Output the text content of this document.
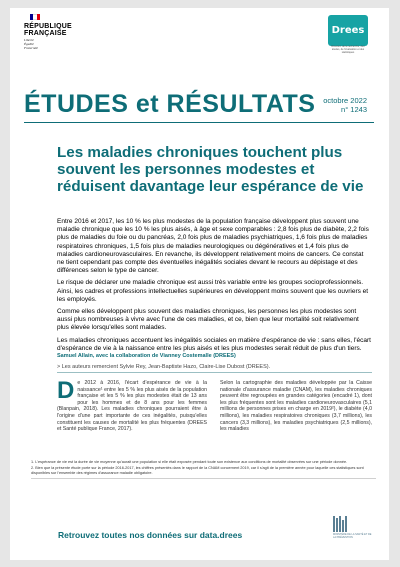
RÉPUBLIQUE
FRANÇAISE
Liberté
Égalité
Fraternité
Drees
Direction de la recherche, des études, de l'évaluation et des statistiques
ÉTUDES et RÉSULTATS octobre 2022
n° 1243
Les maladies chroniques touchent plus souvent les personnes modestes et réduisent davantage leur espérance de vie

Entre 2016 et 2017, les 10 % les plus modestes de la population française développent plus souvent une maladie chronique que les 10 % les plus aisés, à âge et sexe comparables : 2,8 fois plus de diabète, 2,2 fois plus de maladies du foie ou du pancréas, 2,0 fois plus de maladies psychiatriques, 1,6 fois plus de maladies respiratoires chroniques, 1,5 fois plus de maladies neurologiques ou dégénératives et 1,4 fois plus de maladies cardioneurovasculaires. En revanche, ils développent relativement moins de cancers. Ce constat ne tient cependant pas compte des éventuelles inégalités sociales devant le recours au dépistage et des différences selon le type de cancer.

Le risque de déclarer une maladie chronique est aussi très variable entre les groupes socioprofessionnels. Ainsi, les cadres et professions intellectuelles supérieures en développent moins souvent que les ouvriers et les employés.

Comme elles développent plus souvent des maladies chroniques, les personnes les plus modestes sont aussi plus nombreuses à vivre avec l'une de ces maladies, et ce, bien que leur mortalité soit relativement plus élevée lorsqu'elles sont malades.

Les maladies chroniques accentuent les inégalités sociales en matière d'espérance de vie : sans elles, l'écart d'espérance de vie à la naissance entre les plus aisés et les plus modestes serait réduit de plus d'un tiers.

Samuel Allain, avec la collaboration de Vianney Costemalle (DREES)
> Les auteurs remercient Sylvie Rey, Jean-Baptiste Hazo, Claire-Lise Dubost (DREES).
De 2012 à 2016, l'écart d'espérance de vie à la naissance¹ entre les 5 % les plus aisés de la population française et les 5 % les plus modestes était de 13 ans pour les hommes et de 8 ans pour les femmes (Blanpain, 2018). Les maladies chroniques pourraient être à l'origine d'une part importante de ces inégalités, puisqu'elles constituent les causes de mortalité les plus fréquentes (DREES et Santé publique France, 2017).
Selon la cartographie des maladies développée par la Caisse nationale d'assurance maladie (CNAM), les maladies chroniques peuvent être regroupées en grandes catégories (encadré 1), dont les plus fréquentes sont les maladies cardioneurovasculaires (5,1 millions de personnes prises en charge en 2019²), le diabète (4,0 millions), les maladies respiratoires chroniques (3,7 millions), les cancers (3,3 millions), les maladies psychiatriques (2,5 millions), les maladies

1. L'espérance de vie est la durée de vie moyenne qu'aurait une population si elle était exposée pendant toute son existence aux conditions de mortalité observées sur une période donnée.

2. Bien que la présente étude porte sur la période 2016-2017, les chiffres présentés dans le rapport de la CNAM concernent 2019, car il s'agit de la première année pour laquelle ces statistiques sont disponibles sur l'ensemble des régimes d'assurance maladie obligatoire.

Retrouvez toutes nos données sur data.drees	MINISTÈRE DE LA SANTÉ ET DE LA PRÉVENTION
